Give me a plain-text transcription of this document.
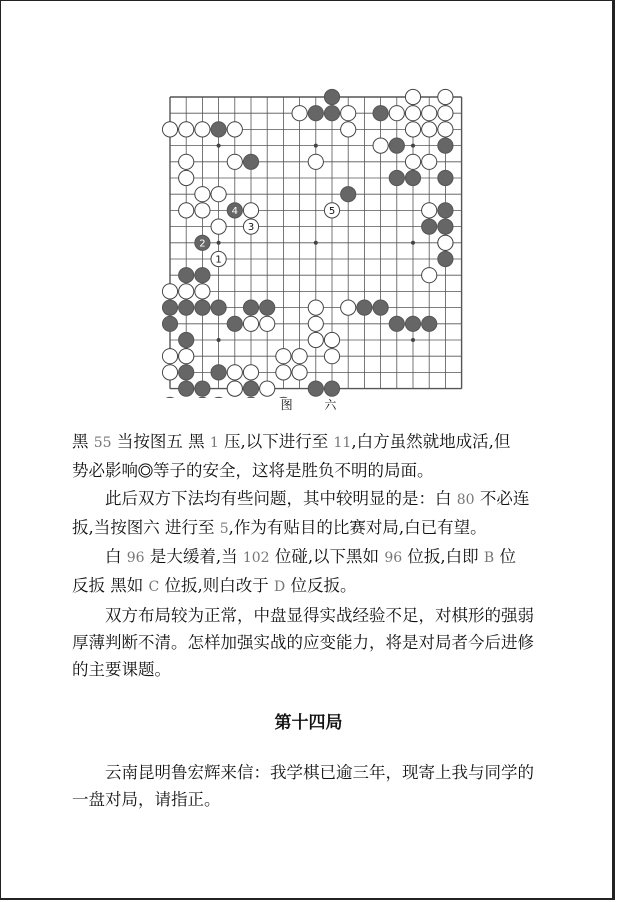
1
2
3
4	5
图 六

黑 55 当按图五 黑 1 压,以下进行至 11,白方虽然就地成活,但

势必影响 等子的安全，这将是胜负不明的局面。

此后双方下法均有些问题，其中较明显的是：白 80 不必连

扳,当按图六 进行至 5,作为有贴目的比赛对局,白已有望。

白 96 是大缓着,当 102 位碰,以下黑如 96 位扳,白即 B 位

反扳 黑如 C 位扳,则白改于 D 位反扳。

双方布局较为正常，中盘显得实战经验不足，对棋形的强弱

厚薄判断不清。怎样加强实战的应变能力，将是对局者今后进修

的主要课题。

第十四局

云南昆明鲁宏辉来信：我学棋已逾三年，现寄上我与同学的

一盘对局，请指正。
